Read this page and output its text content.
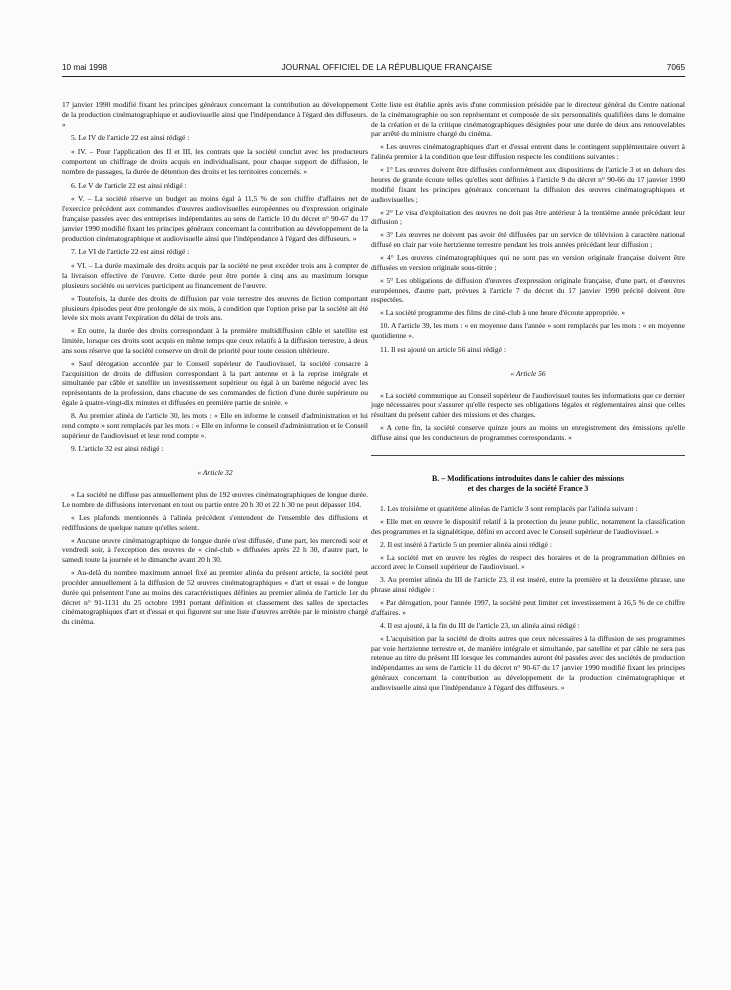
10 mai 1998	JOURNAL OFFICIEL DE LA RÉPUBLIQUE FRANÇAISE	7065

17 janvier 1990 modifié fixant les principes généraux concernant la contribution au développement de la production cinématographique et audiovisuelle ainsi que l'indépendance à l'égard des diffuseurs. »

5. Le IV de l'article 22 est ainsi rédigé :

« IV. – Pour l'application des II et III, les contrats que la société conclut avec les producteurs comportent un chiffrage de droits acquis en individualisant, pour chaque support de diffusion, le nombre de passages, la durée de détention des droits et les territoires concernés. »

6. Le V de l'article 22 est ainsi rédigé :

« V. – La société réserve un budget au moins égal à 11,5 % de son chiffre d'affaires net de l'exercice précédent aux commandes d'œuvres audiovisuelles européennes ou d'expression originale française passées avec des entreprises indépendantes au sens de l'article 10 du décret n° 90-67 du 17 janvier 1990 modifié fixant les principes généraux concernant la contribution au développement de la production cinématographique et audiovisuelle ainsi que l'indépendance à l'égard des diffuseurs. »

7. Le VI de l'article 22 est ainsi rédigé :

« VI. – La durée maximale des droits acquis par la société ne peut excéder trois ans à compter de la livraison effective de l'œuvre. Cette durée peut être portée à cinq ans au maximum lorsque plusieurs sociétés ou services participent au financement de l'œuvre.

« Toutefois, la durée des droits de diffusion par voie terrestre des œuvres de fiction comportant plusieurs épisodes peut être prolongée de six mois, à condition que l'option prise par la société ait été levée six mois avant l'expiration du délai de trois ans.

« En outre, la durée des droits correspondant à la première multidiffusion câble et satellite est limitée, lorsque ces droits sont acquis en même temps que ceux relatifs à la diffusion terrestre, à deux ans sous réserve que la société conserve un droit de priorité pour toute cession ultérieure.

« Sauf dérogation accordée par le Conseil supérieur de l'audiovisuel, la société consacre à l'acquisition de droits de diffusion correspondant à la part antenne et à la reprise intégrale et simultanée par câble et satellite un investissement supérieur ou égal à un barème négocié avec les représentants de la profession, dans chacune de ses commandes de fiction d'une durée supérieure ou égale à quatre-vingt-dix minutes et diffusées en première partie de soirée. »

8. Au premier alinéa de l'article 30, les mots : « Elle en informe le conseil d'administration et lui rend compte » sont remplacés par les mots : « Elle en informe le conseil d'administration et le Conseil supérieur de l'audiovisuel et leur rend compte ».

9. L'article 32 est ainsi rédigé :

« Article 32

« La société ne diffuse pas annuellement plus de 192 œuvres cinématographiques de longue durée. Le nombre de diffusions intervenant en tout ou partie entre 20 h 30 et 22 h 30 ne peut dépasser 104.

« Les plafonds mentionnés à l'alinéa précédent s'entendent de l'ensemble des diffusions et rediffusions de quelque nature qu'elles soient.

« Aucune œuvre cinématographique de longue durée n'est diffusée, d'une part, les mercredi soir et vendredi soir, à l'exception des œuvres de « ciné-club » diffusées après 22 h 30, d'autre part, le samedi toute la journée et le dimanche avant 20 h 30.

« Au-delà du nombre maximum annuel fixé au premier alinéa du présent article, la société peut procéder annuellement à la diffusion de 52 œuvres cinématographiques « d'art et essai » de longue durée qui présentent l'une au moins des caractéristiques définies au premier alinéa de l'article 1er du décret n° 91-1131 du 25 octobre 1991 portant définition et classement des salles de spectacles cinématographiques d'art et d'essai et qui figurent sur une liste d'œuvres arrêtée par le ministre chargé du cinéma.

Cette liste est établie après avis d'une commission présidée par le directeur général du Centre national de la cinématographie ou son représentant et composée de six personnalités qualifiées dans le domaine de la création et de la critique cinématographiques désignées pour une durée de deux ans renouvelables par arrêté du ministre chargé du cinéma.

« Les œuvres cinématographiques d'art et d'essai entrent dans le contingent supplémentaire ouvert à l'alinéa premier à la condition que leur diffusion respecte les conditions suivantes :

« 1° Les œuvres doivent être diffusées conformément aux dispositions de l'article 3 et en dehors des heures de grande écoute telles qu'elles sont définies à l'article 9 du décret n° 90-66 du 17 janvier 1990 modifié fixant les principes généraux concernant la diffusion des œuvres cinématographiques et audiovisuelles ;

« 2° Le visa d'exploitation des œuvres ne doit pas être antérieur à la trentième année précédant leur diffusion ;

« 3° Les œuvres ne doivent pas avoir été diffusées par un service de télévision à caractère national diffusé en clair par voie hertzienne terrestre pendant les trois années précédant leur diffusion ;

« 4° Les œuvres cinématographiques qui ne sont pas en version originale française doivent être diffusées en version originale sous-titrée ;

« 5° Les obligations de diffusion d'œuvres d'expression originale française, d'une part, et d'œuvres européennes, d'autre part, prévues à l'article 7 du décret du 17 janvier 1990 précité doivent être respectées.

« La société programme des films de ciné-club à une heure d'écoute appropriée. »

10. A l'article 39, les mots : « en moyenne dans l'année » sont remplacés par les mots : « en moyenne quotidienne ».

11. Il est ajouté un article 56 ainsi rédigé :

« Article 56

« La société communique au Conseil supérieur de l'audiovisuel toutes les informations que ce dernier juge nécessaires pour s'assurer qu'elle respecte ses obligations légales et réglementaires ainsi que celles résultant du présent cahier des missions et des charges.

« A cette fin, la société conserve quinze jours au moins un enregistrement des émissions qu'elle diffuse ainsi que les conducteurs de programmes correspondants. »

B. – Modifications introduites dans le cahier des missions
et des charges de la société France 3

1. Les troisième et quatrième alinéas de l'article 3 sont remplacés par l'alinéa suivant :

« Elle met en œuvre le dispositif relatif à la protection du jeune public, notamment la classification des programmes et la signalétique, défini en accord avec le Conseil supérieur de l'audiovisuel. »

2. Il est inséré à l'article 5 un premier alinéa ainsi rédigé :

« La société met en œuvre les règles de respect des horaires et de la programmation définies en accord avec le Conseil supérieur de l'audiovisuel. »

3. Au premier alinéa du III de l'article 23, il est inséré, entre la première et la deuxième phrase, une phrase ainsi rédigée :

« Par dérogation, pour l'année 1997, la société peut limiter cet investissement à 16,5 % de ce chiffre d'affaires. »

4. Il est ajouté, à la fin du III de l'article 23, un alinéa ainsi rédigé :

« L'acquisition par la société de droits autres que ceux nécessaires à la diffusion de ses programmes par voie hertzienne terrestre et, de manière intégrale et simultanée, par satellite et par câble ne sera pas retenue au titre du présent III lorsque les commandes auront été passées avec des sociétés de production indépendantes au sens de l'article 11 du décret n° 90-67 du 17 janvier 1990 modifié fixant les principes généraux concernant la contribution au développement de la production cinématographique et audiovisuelle ainsi que l'indépendance à l'égard des diffuseurs. »
